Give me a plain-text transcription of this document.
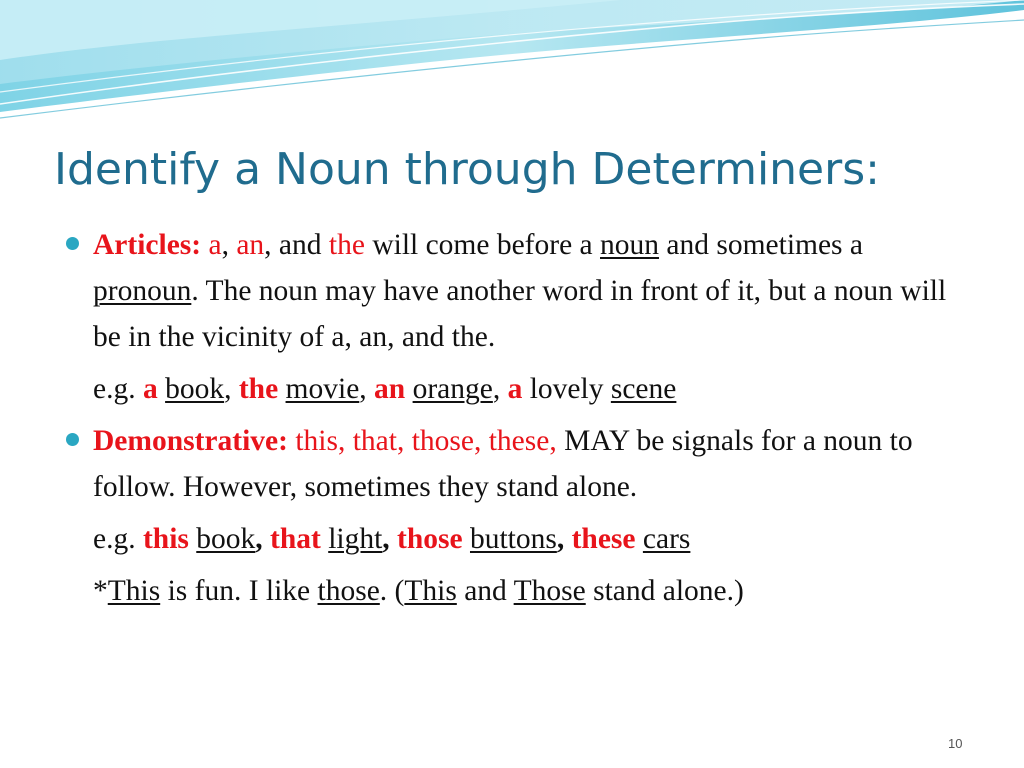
Identify a Noun through Determiners:

Articles: a, an, and the will come before a noun and sometimes a pronoun. The noun may have another word in front of it, but a noun will be in the vicinity of a, an, and the.

e.g. a book, the movie, an orange, a lovely scene

Demonstrative: this, that, those, these, MAY be signals for a noun to follow. However, sometimes they stand alone.

e.g. this book, that light, those buttons, these cars

*This is fun. I like those. (This and Those stand alone.)

10
